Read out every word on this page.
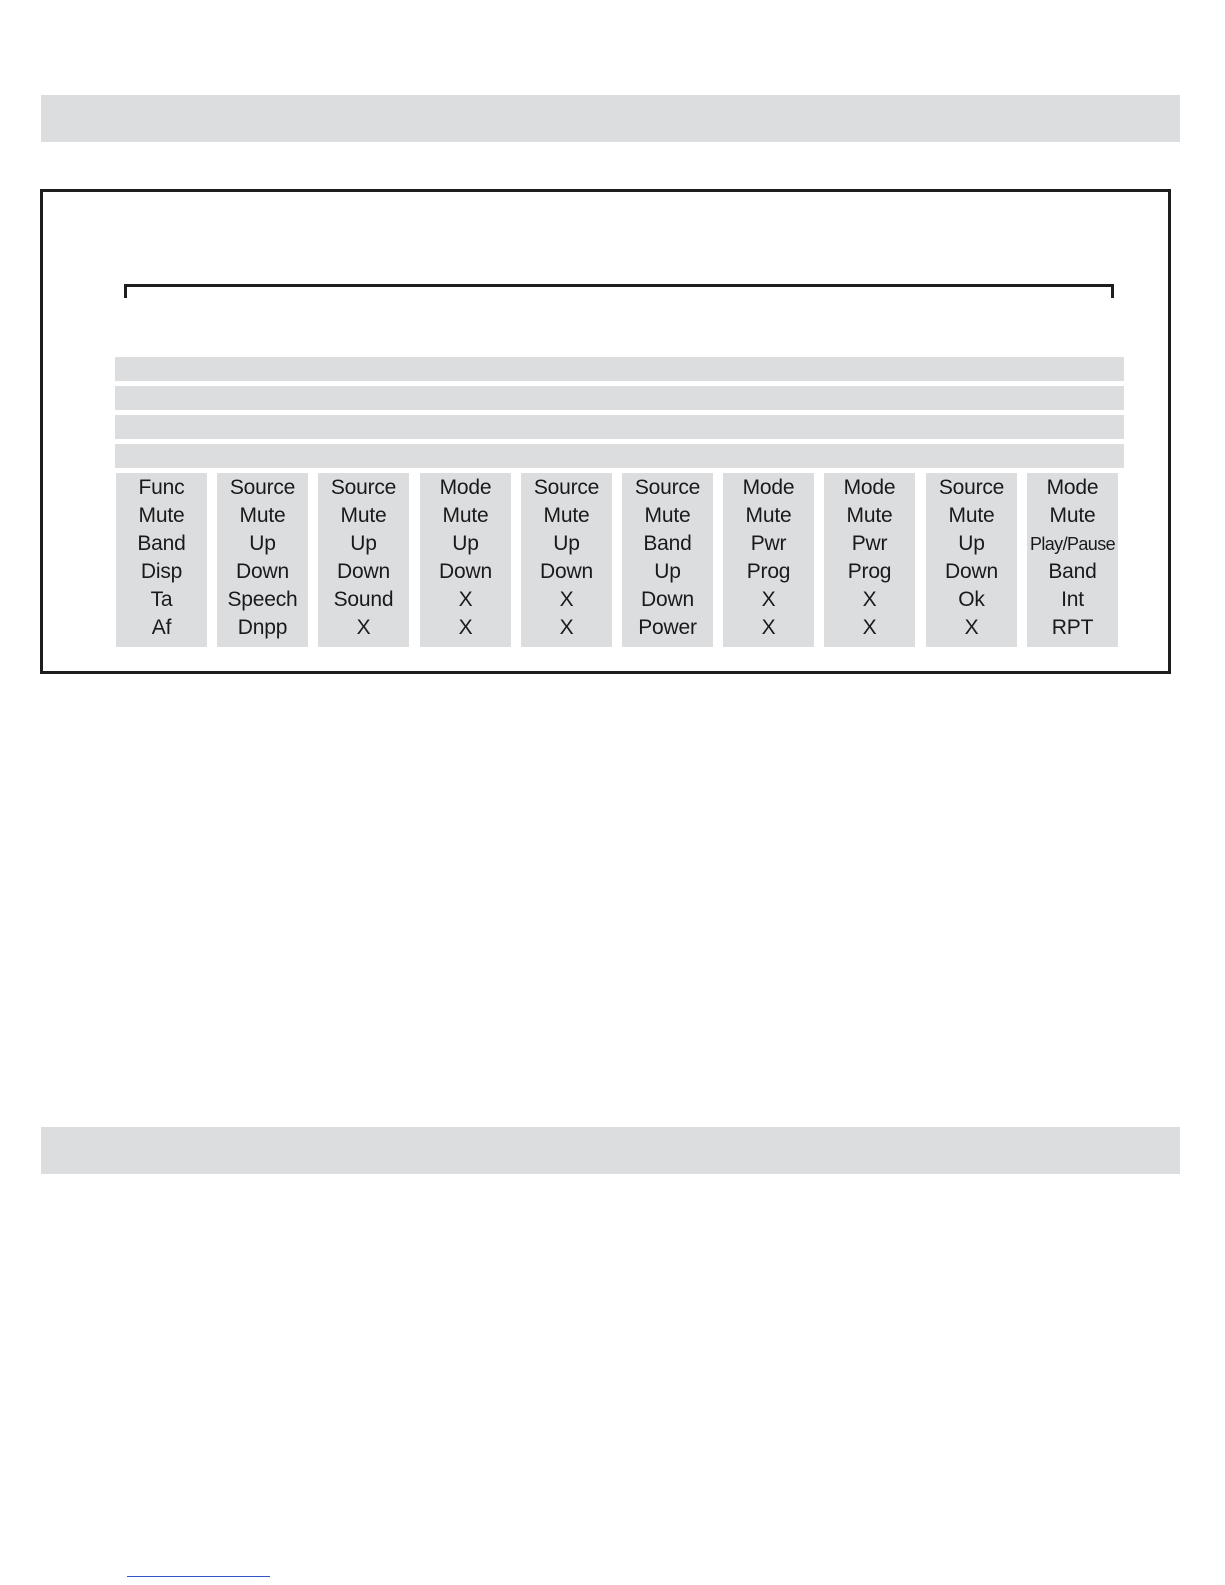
Func
Mute
Band
Disp
Ta
Af
Source
Mute
Up
Down
Speech
Dnpp
Source
Mute
Up
Down
Sound
X
Mode
Mute
Up
Down
X
X
Source
Mute
Up
Down
X
X
Source
Mute
Band
Up
Down
Power
Mode
Mute
Pwr
Prog
X
X
Mode
Mute
Pwr
Prog
X
X
Source
Mute
Up
Down
Ok
X
Mode
Mute
Play/Pause
Band
Int
RPT
